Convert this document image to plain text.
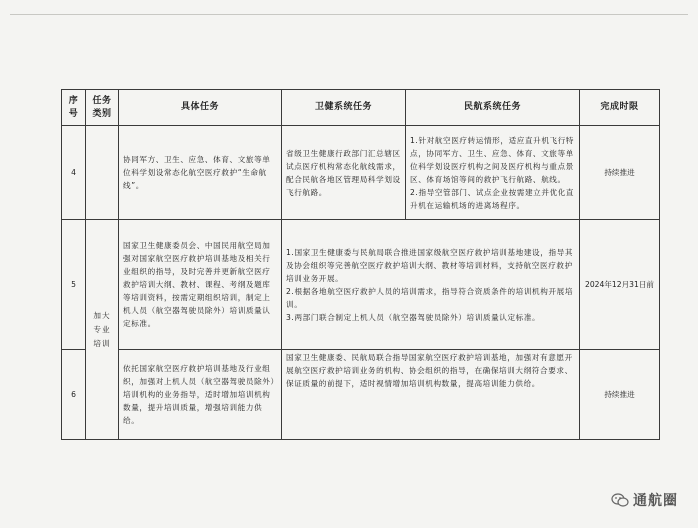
序号	任务类别	具体任务	卫健系统任务	民航系统任务	完成时限
4		协同军方、卫生、应急、体育、文旅等单位科学划设常态化航空医疗救护“生命航线”。	省级卫生健康行政部门汇总辖区试点医疗机构常态化航线需求，配合民航各地区管理局科学划设飞行航路。	1.针对航空医疗转运情形，适应直升机飞行特点，协同军方、卫生、应急、体育、文旅等单位科学划设医疗机构之间及医疗机构与重点景区、体育场馆等间的救护飞行航路、航线。
2.指导空管部门、试点企业按需建立并优化直升机在运输机场的进离场程序。	持续推进
5	加大专业培训	国家卫生健康委员会、中国民用航空局加强对国家航空医疗救护培训基地及相关行业组织的指导，及时完善并更新航空医疗救护培训大纲、教材、课程、考纲及题库等培训资料，按需定期组织培训，制定上机人员（航空器驾驶员除外）培训质量认定标准。	1.国家卫生健康委与民航局联合推进国家级航空医疗救护培训基地建设，指导其及协会组织等完善航空医疗救护培训大纲、教材等培训材料，支持航空医疗救护培训业务开展。
2.根据各地航空医疗救护人员的培训需求，指导符合资质条件的培训机构开展培训。
3.两部门联合制定上机人员（航空器驾驶员除外）培训质量认定标准。		2024年12月31日前
6		依托国家航空医疗救护培训基地及行业组织，加强对上机人员（航空器驾驶员除外）培训机构的业务指导，适时增加培训机构数量，提升培训质量，增强培训能力供给。	国家卫生健康委、民航局联合指导国家航空医疗救护培训基地，加强对有意愿开展航空医疗救护培训业务的机构、协会组织的指导，在确保培训大纲符合要求、保证质量的前提下，适时视情增加培训机构数量，提高培训能力供给。		持续推进
通航圈
